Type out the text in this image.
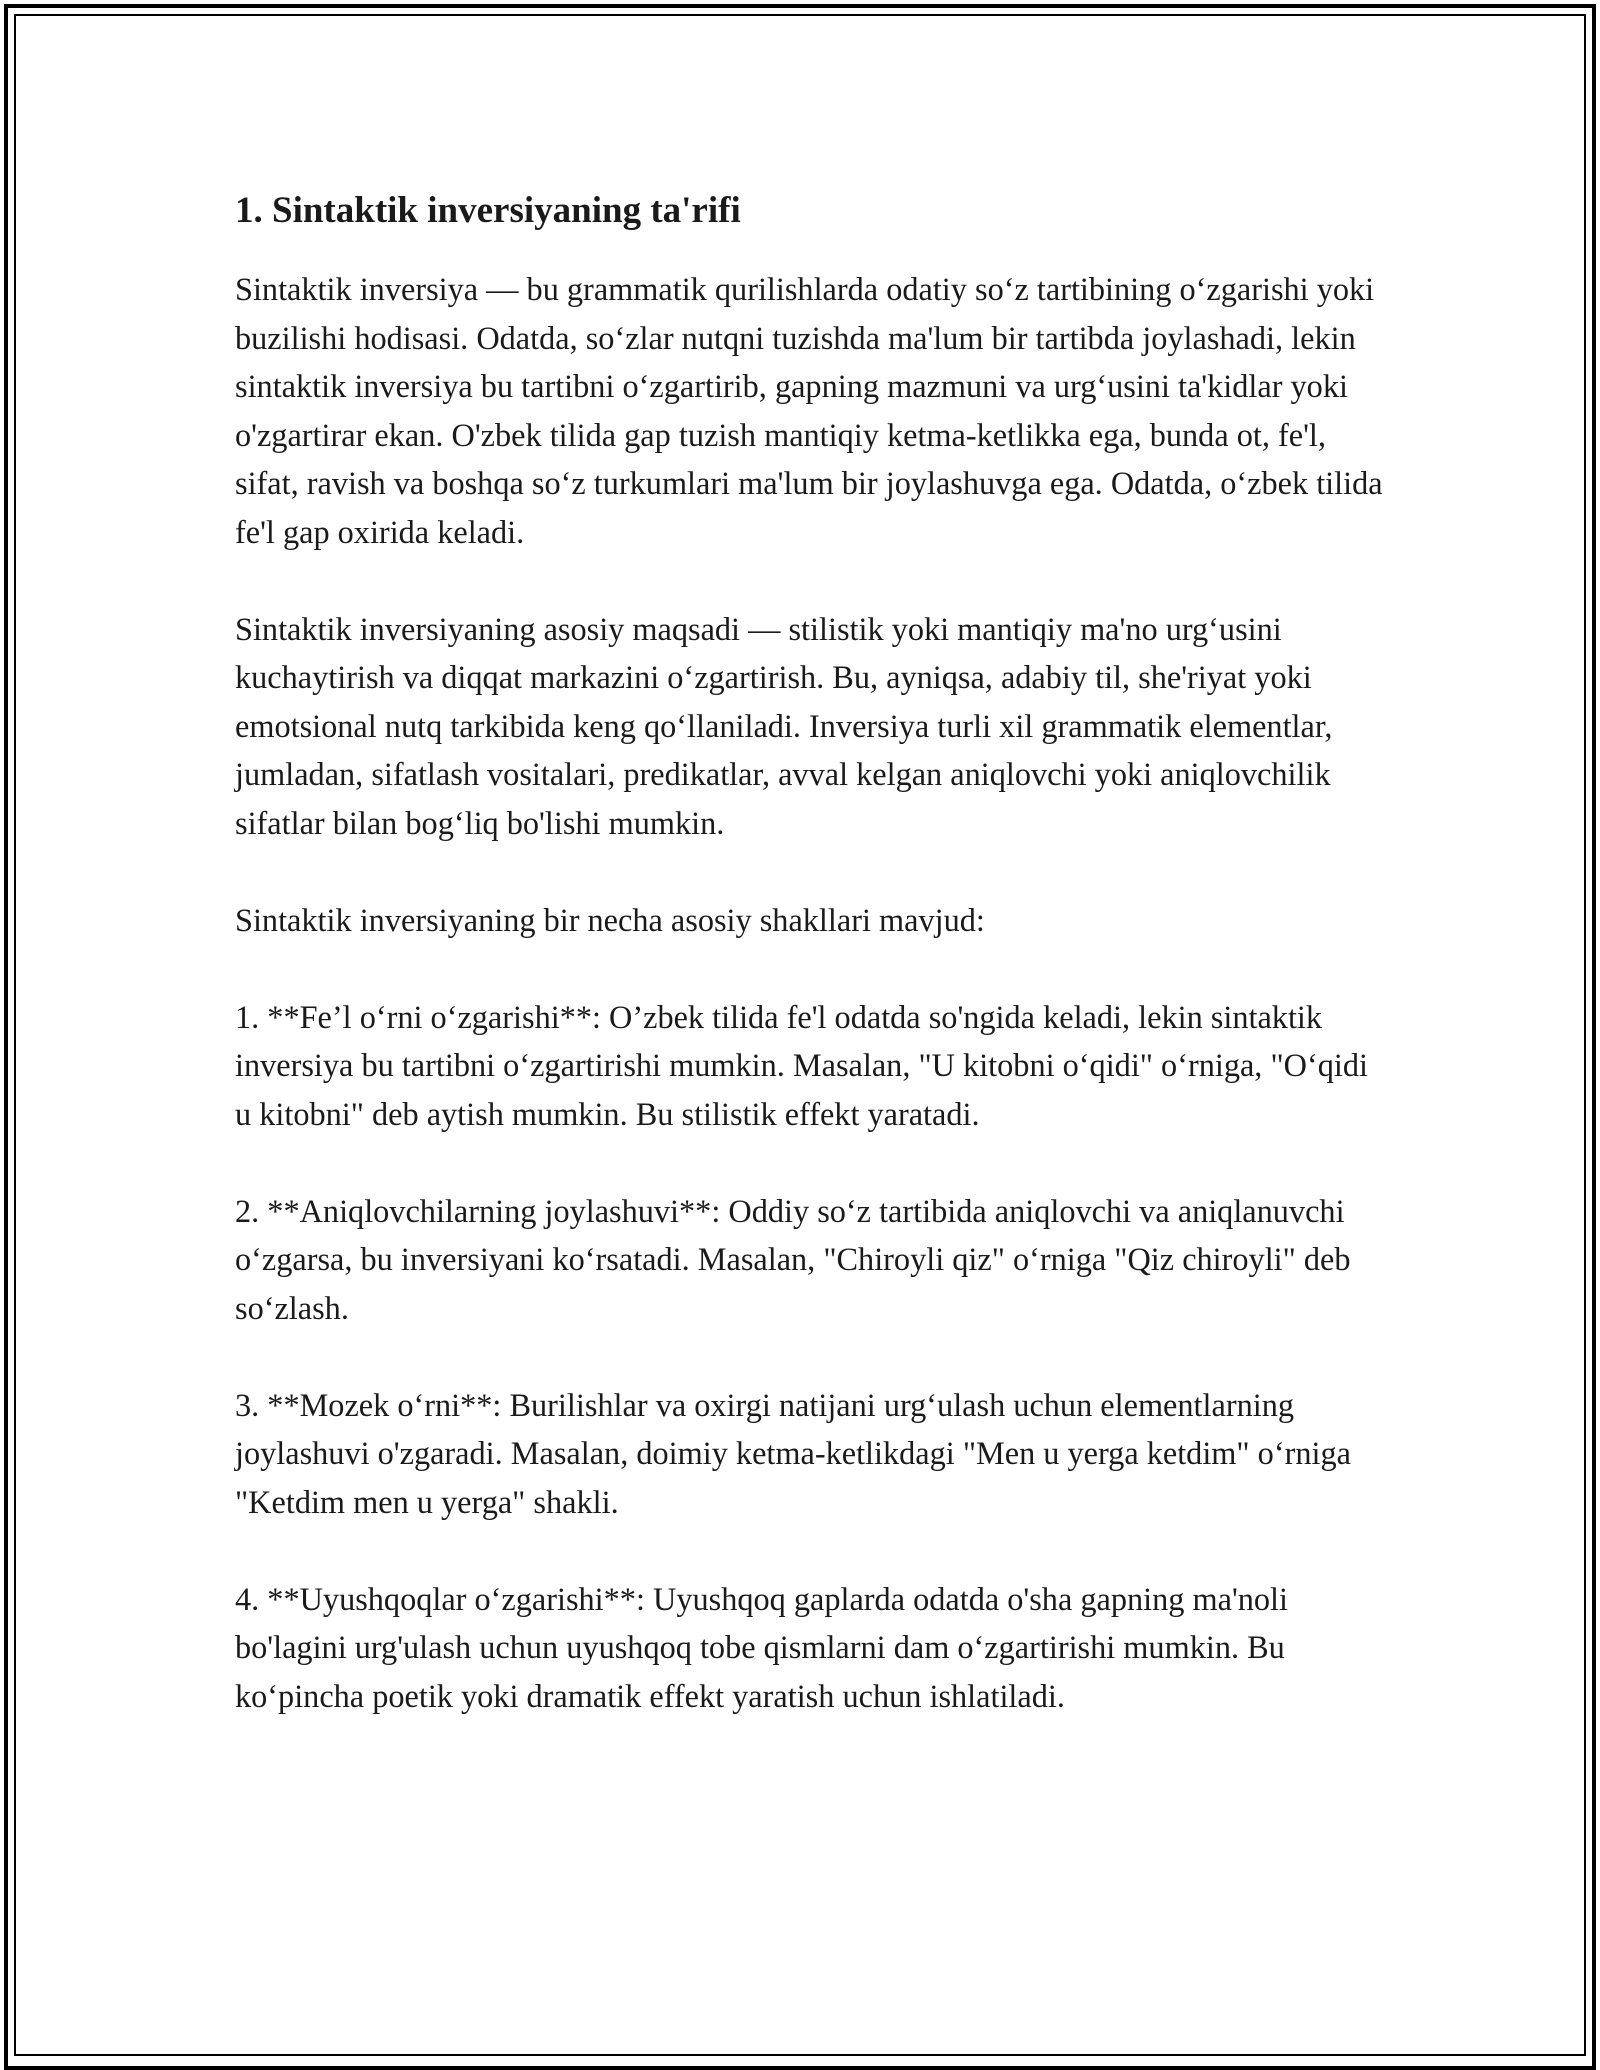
1. Sintaktik inversiyaning ta'rifi

Sintaktik inversiya — bu grammatik qurilishlarda odatiy so‘z tartibining o‘zgarishi yoki buzilishi hodisasi. Odatda, so‘zlar nutqni tuzishda ma'lum bir tartibda joylashadi, lekin sintaktik inversiya bu tartibni o‘zgartirib, gapning mazmuni va urg‘usini ta'kidlar yoki o'zgartirar ekan. O'zbek tilida gap tuzish mantiqiy ketma-ketlikka ega, bunda ot, fe'l, sifat, ravish va boshqa so‘z turkumlari ma'lum bir joylashuvga ega. Odatda, o‘zbek tilida fe'l gap oxirida keladi.

Sintaktik inversiyaning asosiy maqsadi — stilistik yoki mantiqiy ma'no urg‘usini kuchaytirish va diqqat markazini o‘zgartirish. Bu, ayniqsa, adabiy til, she'riyat yoki emotsional nutq tarkibida keng qo‘llaniladi. Inversiya turli xil grammatik elementlar, jumladan, sifatlash vositalari, predikatlar, avval kelgan aniqlovchi yoki aniqlovchilik sifatlar bilan bog‘liq bo'lishi mumkin.

Sintaktik inversiyaning bir necha asosiy shakllari mavjud:

1. **Fe’l o‘rni o‘zgarishi**: O’zbek tilida fe'l odatda so'ngida keladi, lekin sintaktik inversiya bu tartibni o‘zgartirishi mumkin. Masalan, "U kitobni o‘qidi" o‘rniga, "O‘qidi u kitobni" deb aytish mumkin. Bu stilistik effekt yaratadi.

2. **Aniqlovchilarning joylashuvi**: Oddiy so‘z tartibida aniqlovchi va aniqlanuvchi o‘zgarsa, bu inversiyani ko‘rsatadi. Masalan, "Chiroyli qiz" o‘rniga "Qiz chiroyli" deb so‘zlash.

3. **Mozek o‘rni**: Burilishlar va oxirgi natijani urg‘ulash uchun elementlarning joylashuvi o'zgaradi. Masalan, doimiy ketma-ketlikdagi "Men u yerga ketdim" o‘rniga "Ketdim men u yerga" shakli.

4. **Uyushqoqlar o‘zgarishi**: Uyushqoq gaplarda odatda o'sha gapning ma'noli bo'lagini urg'ulash uchun uyushqoq tobe qismlarni dam o‘zgartirishi mumkin. Bu ko‘pincha poetik yoki dramatik effekt yaratish uchun ishlatiladi.
